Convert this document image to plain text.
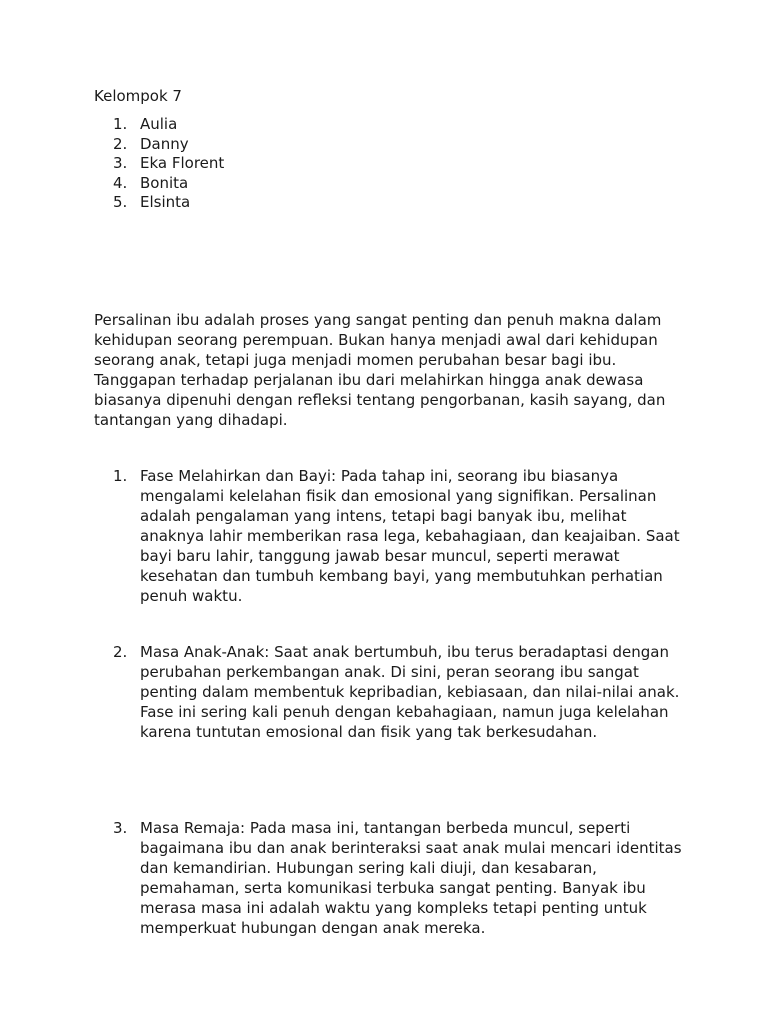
Kelompok 7

1. Aulia
2. Danny
3. Eka Florent
4. Bonita
5. Elsinta

Persalinan ibu adalah proses yang sangat penting dan penuh makna dalam kehidupan seorang perempuan. Bukan hanya menjadi awal dari kehidupan seorang anak, tetapi juga menjadi momen perubahan besar bagi ibu. Tanggapan terhadap perjalanan ibu dari melahirkan hingga anak dewasa biasanya dipenuhi dengan refleksi tentang pengorbanan, kasih sayang, dan tantangan yang dihadapi.

1. Fase Melahirkan dan Bayi: Pada tahap ini, seorang ibu biasanya mengalami kelelahan fisik dan emosional yang signifikan. Persalinan adalah pengalaman yang intens, tetapi bagi banyak ibu, melihat anaknya lahir memberikan rasa lega, kebahagiaan, dan keajaiban. Saat bayi baru lahir, tanggung jawab besar muncul, seperti merawat kesehatan dan tumbuh kembang bayi, yang membutuhkan perhatian penuh waktu.

2. Masa Anak-Anak: Saat anak bertumbuh, ibu terus beradaptasi dengan perubahan perkembangan anak. Di sini, peran seorang ibu sangat penting dalam membentuk kepribadian, kebiasaan, dan nilai-nilai anak. Fase ini sering kali penuh dengan kebahagiaan, namun juga kelelahan karena tuntutan emosional dan fisik yang tak berkesudahan.

3. Masa Remaja: Pada masa ini, tantangan berbeda muncul, seperti bagaimana ibu dan anak berinteraksi saat anak mulai mencari identitas dan kemandirian. Hubungan sering kali diuji, dan kesabaran, pemahaman, serta komunikasi terbuka sangat penting. Banyak ibu merasa masa ini adalah waktu yang kompleks tetapi penting untuk memperkuat hubungan dengan anak mereka.
